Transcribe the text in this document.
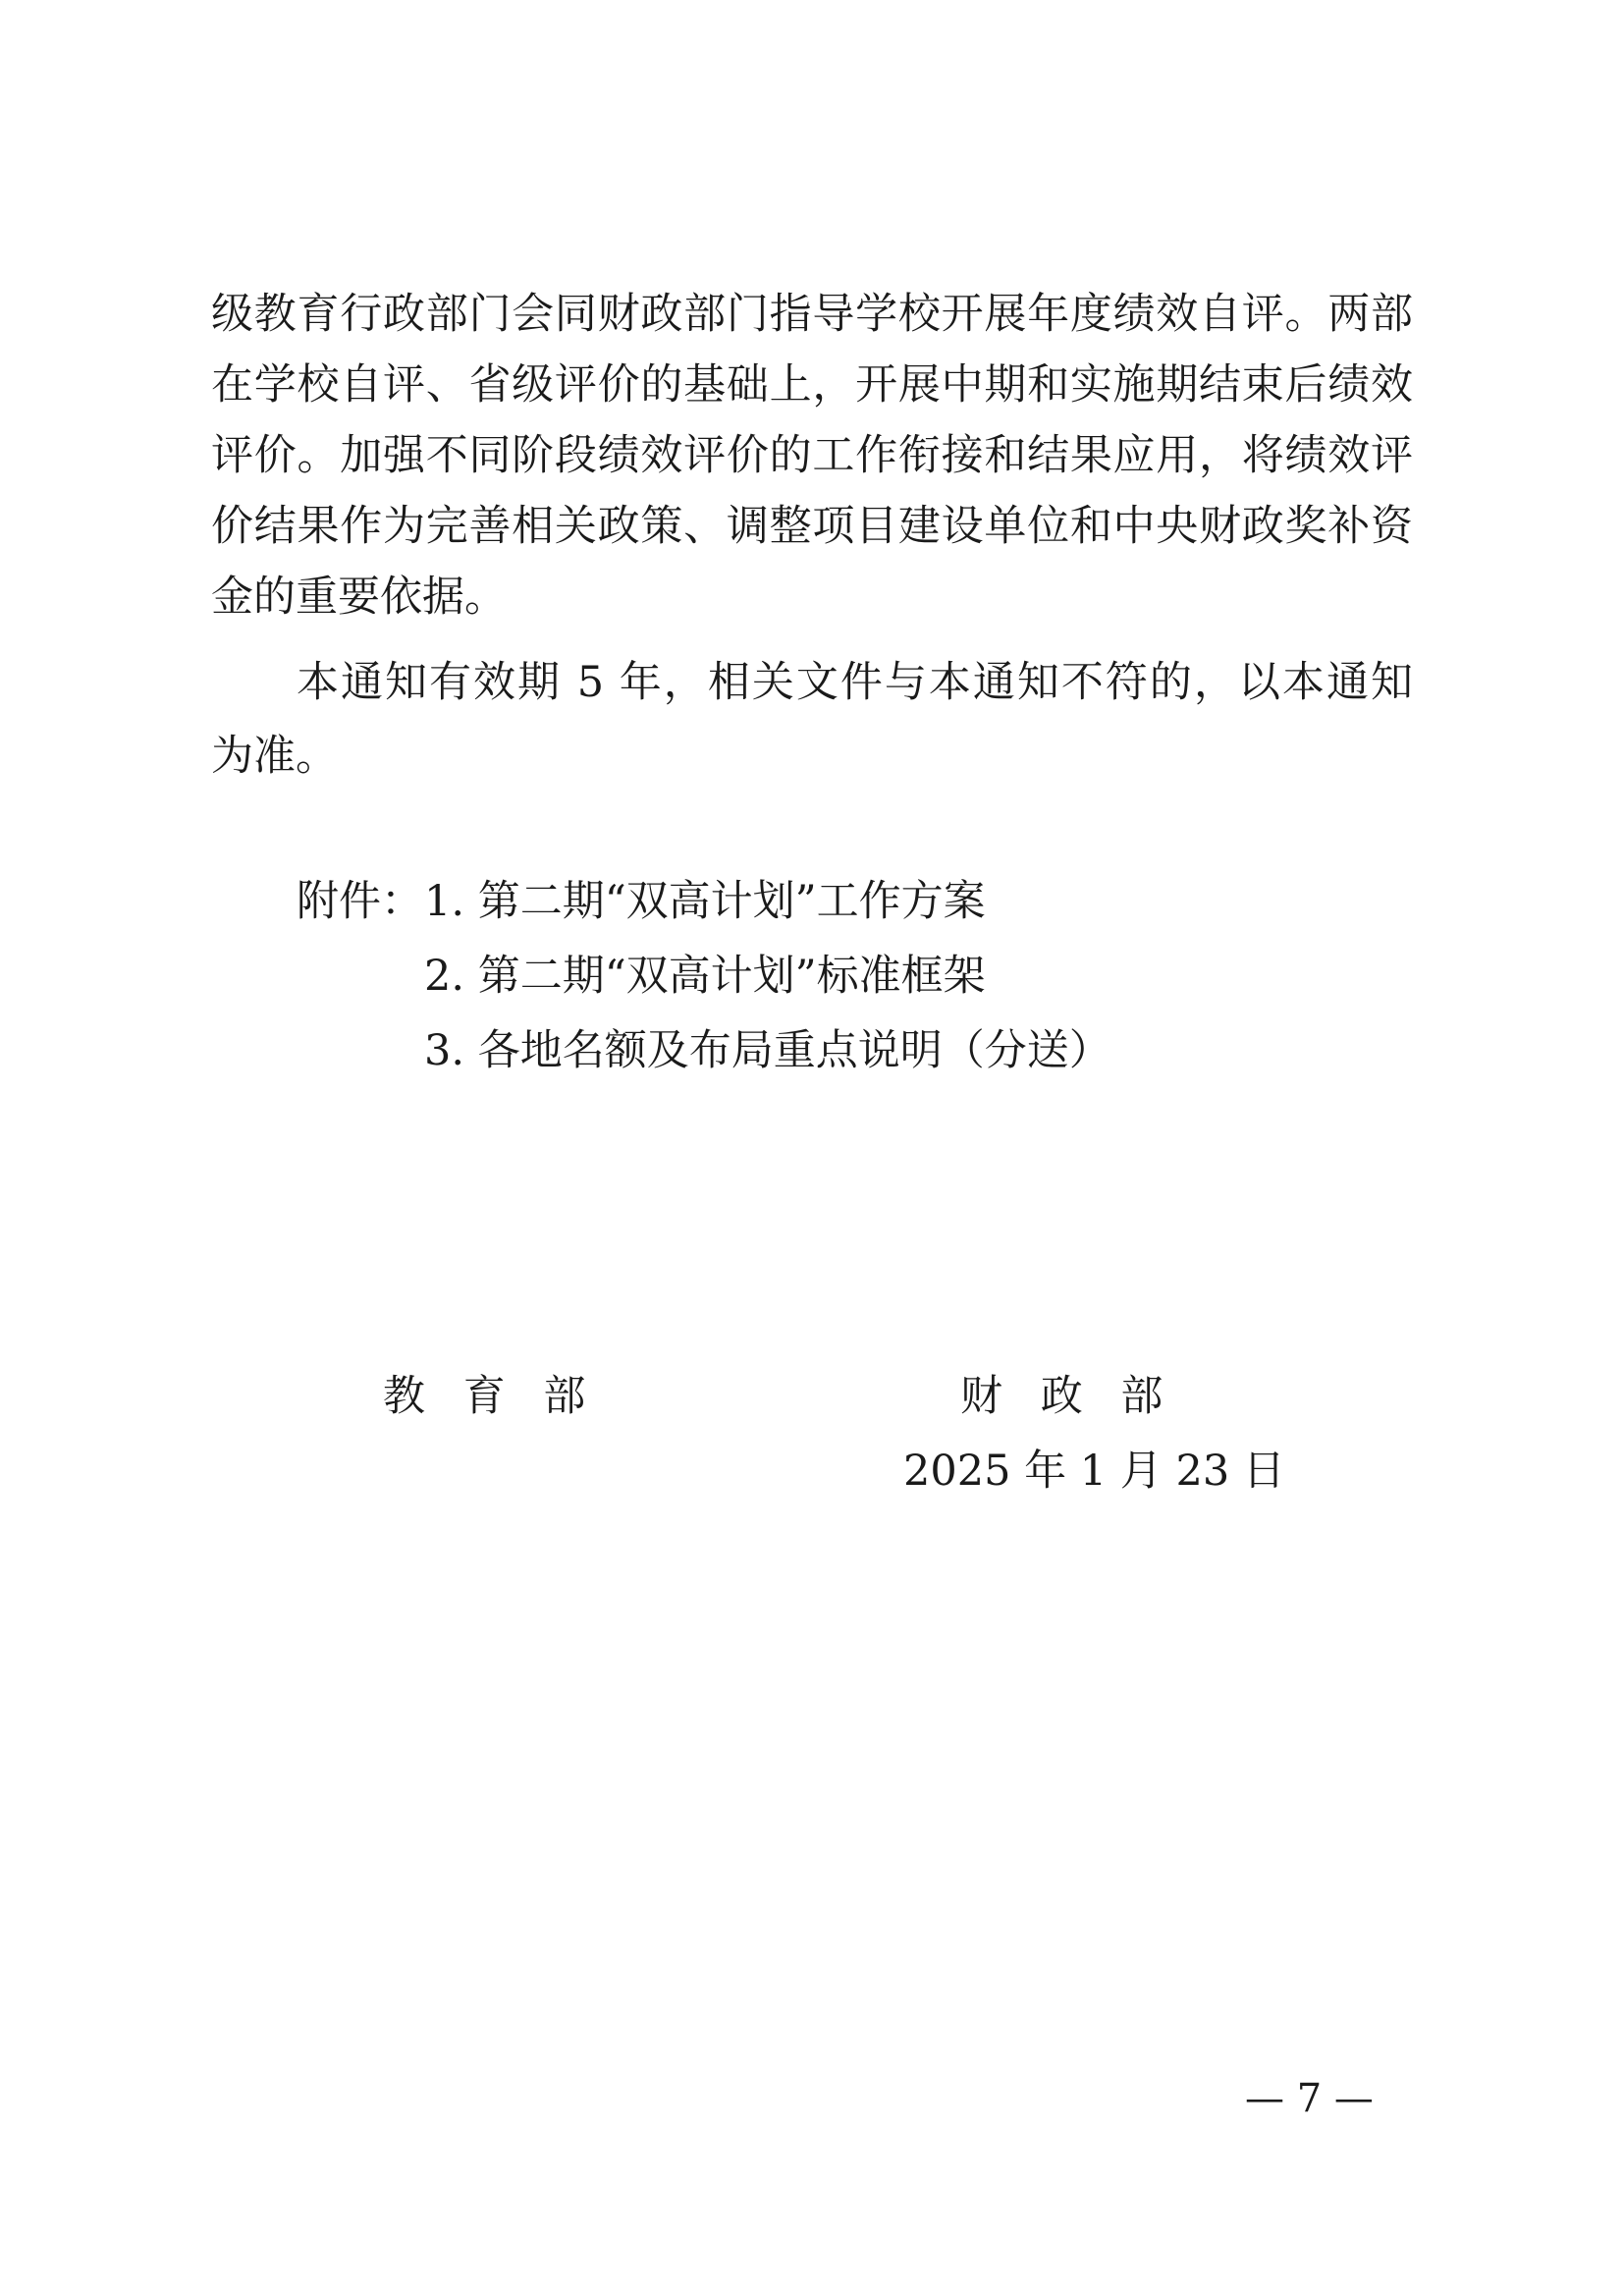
级教育行政部门会同财政部门指导学校开展年度绩效自评。两部
在学校自评、省级评价的基础上，开展中期和实施期结束后绩效
评价。加强不同阶段绩效评价的工作衔接和结果应用，将绩效评
价结果作为完善相关政策、调整项目建设单位和中央财政奖补资
金的重要依据。
本通知有效期 5 年，相关文件与本通知不符的，以本通知
为准。
附件： 1. 第二期“双高计划”工作方案
2. 第二期“双高计划”标准框架
3. 各地名额及布局重点说明（分送）
教育部	财政部
2025 年 1 月 23 日
— 7 —
